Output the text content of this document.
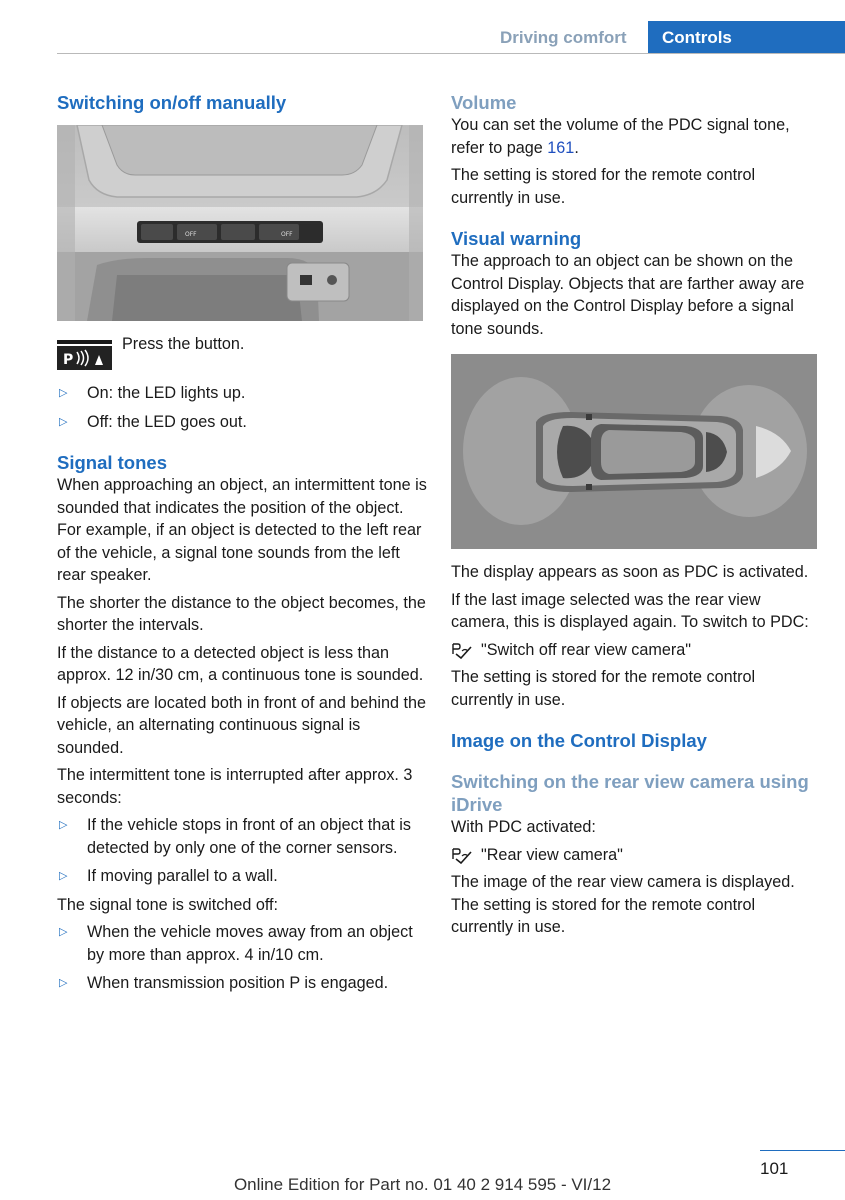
Driving comfort	Controls
Switching on/off manually
OFF	OFF
P
Press the button.
▷ On: the LED lights up.
▷ Off: the LED goes out.
Signal tones

When approaching an object, an intermittent tone is sounded that indicates the position of the object. For example, if an object is detected to the left rear of the vehicle, a signal tone sounds from the left rear speaker.

The shorter the distance to the object becomes, the shorter the intervals.

If the distance to a detected object is less than approx. 12 in/30 cm, a continuous tone is sounded.

If objects are located both in front of and behind the vehicle, an alternating continuous signal is sounded.

The intermittent tone is interrupted after approx. 3 seconds:

▷ If the vehicle stops in front of an object that is detected by only one of the corner sensors.
▷ If moving parallel to a wall.

The signal tone is switched off:

▷ When the vehicle moves away from an object by more than approx. 4 in/10 cm.
▷ When transmission position P is engaged.
Volume

You can set the volume of the PDC signal tone, refer to page 161.

The setting is stored for the remote control currently in use.

Visual warning

The approach to an object can be shown on the Control Display. Objects that are farther away are displayed on the Control Display before a signal tone sounds.

The display appears as soon as PDC is activated.

If the last image selected was the rear view camera, this is displayed again. To switch to PDC:

"Switch off rear view camera"

The setting is stored for the remote control currently in use.

Image on the Control Display
Switching on the rear view camera using iDrive

With PDC activated:

"Rear view camera"

The image of the rear view camera is displayed. The setting is stored for the remote control currently in use.

101
Online Edition for Part no. 01 40 2 914 595 - VI/12
